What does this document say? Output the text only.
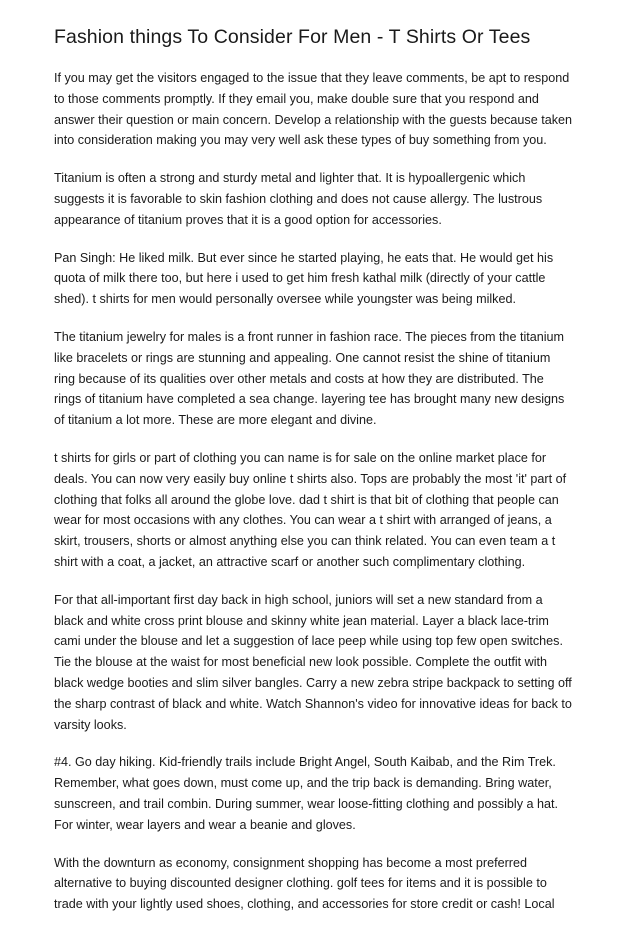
Fashion things To Consider For Men - T Shirts Or Tees
If you may get the visitors engaged to the issue that they leave comments, be apt to respond
to those comments promptly. If they email you, make double sure that you respond and
answer their question or main concern. Develop a relationship with the guests because taken
into consideration making you may very well ask these types of buy something from you.
Titanium is often a strong and sturdy metal and lighter that. It is hypoallergenic which
suggests it is favorable to skin fashion clothing and does not cause allergy. The lustrous
appearance of titanium proves that it is a good option for accessories.
Pan Singh: He liked milk. But ever since he started playing, he eats that. He would get his
quota of milk there too, but here i used to get him fresh kathal milk (directly of your cattle
shed). t shirts for men would personally oversee while youngster was being milked.
The titanium jewelry for males is a front runner in fashion race. The pieces from the titanium
like bracelets or rings are stunning and appealing. One cannot resist the shine of titanium
ring because of its qualities over other metals and costs at how they are distributed. The
rings of titanium have completed a sea change. layering tee has brought many new designs
of titanium a lot more. These are more elegant and divine.
t shirts for girls or part of clothing you can name is for sale on the online market place for
deals. You can now very easily buy online t shirts also. Tops are probably the most 'it' part of
clothing that folks all around the globe love. dad t shirt is that bit of clothing that people can
wear for most occasions with any clothes. You can wear a t shirt with arranged of jeans, a
skirt, trousers, shorts or almost anything else you can think related. You can even team a t
shirt with a coat, a jacket, an attractive scarf or another such complimentary clothing.
For that all-important first day back in high school, juniors will set a new standard from a
black and white cross print blouse and skinny white jean material. Layer a black lace-trim
cami under the blouse and let a suggestion of lace peep while using top few open switches.
Tie the blouse at the waist for most beneficial new look possible. Complete the outfit with
black wedge booties and slim silver bangles. Carry a new zebra stripe backpack to setting off
the sharp contrast of black and white. Watch Shannon's video for innovative ideas for back to
varsity looks.
#4. Go day hiking. Kid-friendly trails include Bright Angel, South Kaibab, and the Rim Trek.
Remember, what goes down, must come up, and the trip back is demanding. Bring water,
sunscreen, and trail combin. During summer, wear loose-fitting clothing and possibly a hat.
For winter, wear layers and wear a beanie and gloves.
With the downturn as economy, consignment shopping has become a most preferred
alternative to buying discounted designer clothing. golf tees for items and it is possible to
trade with your lightly used shoes, clothing, and accessories for store credit or cash! Local
